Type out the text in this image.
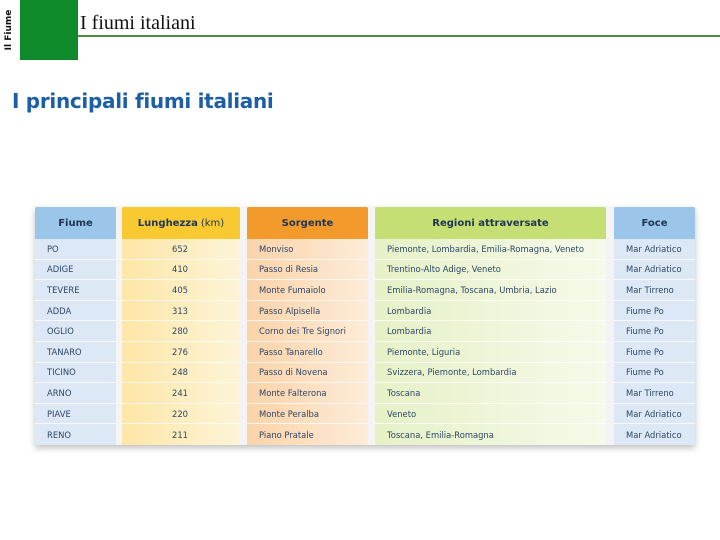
Il Fiume	I fiumi italiani
I principali fiumi italiani
Fiume
PO
ADIGE
TEVERE
ADDA
OGLIO
TANARO
TICINO
ARNO
PIAVE
RENO
Lunghezza (km)
652
410
405
313
280
276
248
241
220
211
Sorgente
Monviso
Passo di Resia
Monte Fumaiolo
Passo Alpisella
Corno dei Tre Signori
Passo Tanarello
Passo di Novena
Monte Falterona
Monte Peralba
Piano Pratale
Regioni attraversate
Piemonte, Lombardia, Emilia-Romagna, Veneto
Trentino-Alto Adige, Veneto
Emilia-Romagna, Toscana, Umbria, Lazio
Lombardia
Lombardia
Piemonte, Liguria
Svizzera, Piemonte, Lombardia
Toscana
Veneto
Toscana, Emilia-Romagna
Foce
Mar Adriatico
Mar Adriatico
Mar Tirreno
Fiume Po
Fiume Po
Fiume Po
Fiume Po
Mar Tirreno
Mar Adriatico
Mar Adriatico
